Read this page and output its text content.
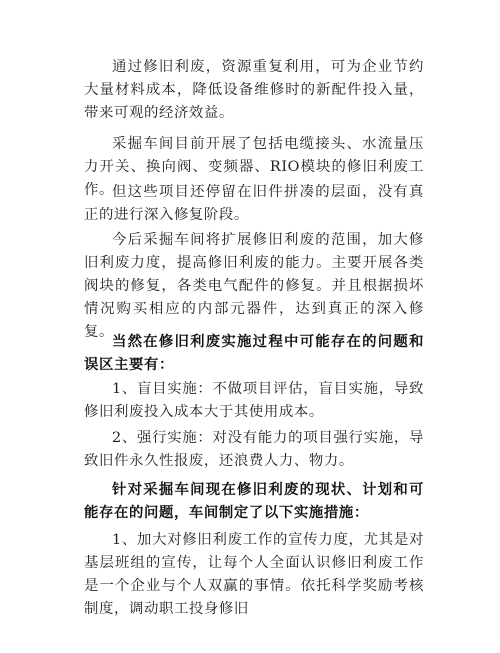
通过修旧利废，资源重复利用，可为企业节约大量材料成本，降低设备维修时的新配件投入量，带来可观的经济效益。

采掘车间目前开展了包括电缆接头、水流量压力开关、换向阀、变频器、RIO模块的修旧利废工作。

但这些项目还停留在旧件拼凑的层面，没有真正的进行深入修复阶段。

今后采掘车间将扩展修旧利废的范围，加大修旧利废力度，提高修旧利废的能力。主要开展各类阀块的修复，各类电气配件的修复。并且根据损坏情况购买相应的内部元器件，达到真正的深入修复。

当然在修旧利废实施过程中可能存在的问题和误区主要有：

1、盲目实施：不做项目评估，盲目实施，导致修旧利废投入成本大于其使用成本。

2、强行实施：对没有能力的项目强行实施，导致旧件永久性报废，还浪费人力、物力。

针对采掘车间现在修旧利废的现状、计划和可能存在的问题，车间制定了以下实施措施：

1、加大对修旧利废工作的宣传力度，尤其是对基层班组的宣传，让每个人全面认识修旧利废工作是一个企业与个人双赢的事情。依托科学奖励考核制度，调动职工投身修旧
